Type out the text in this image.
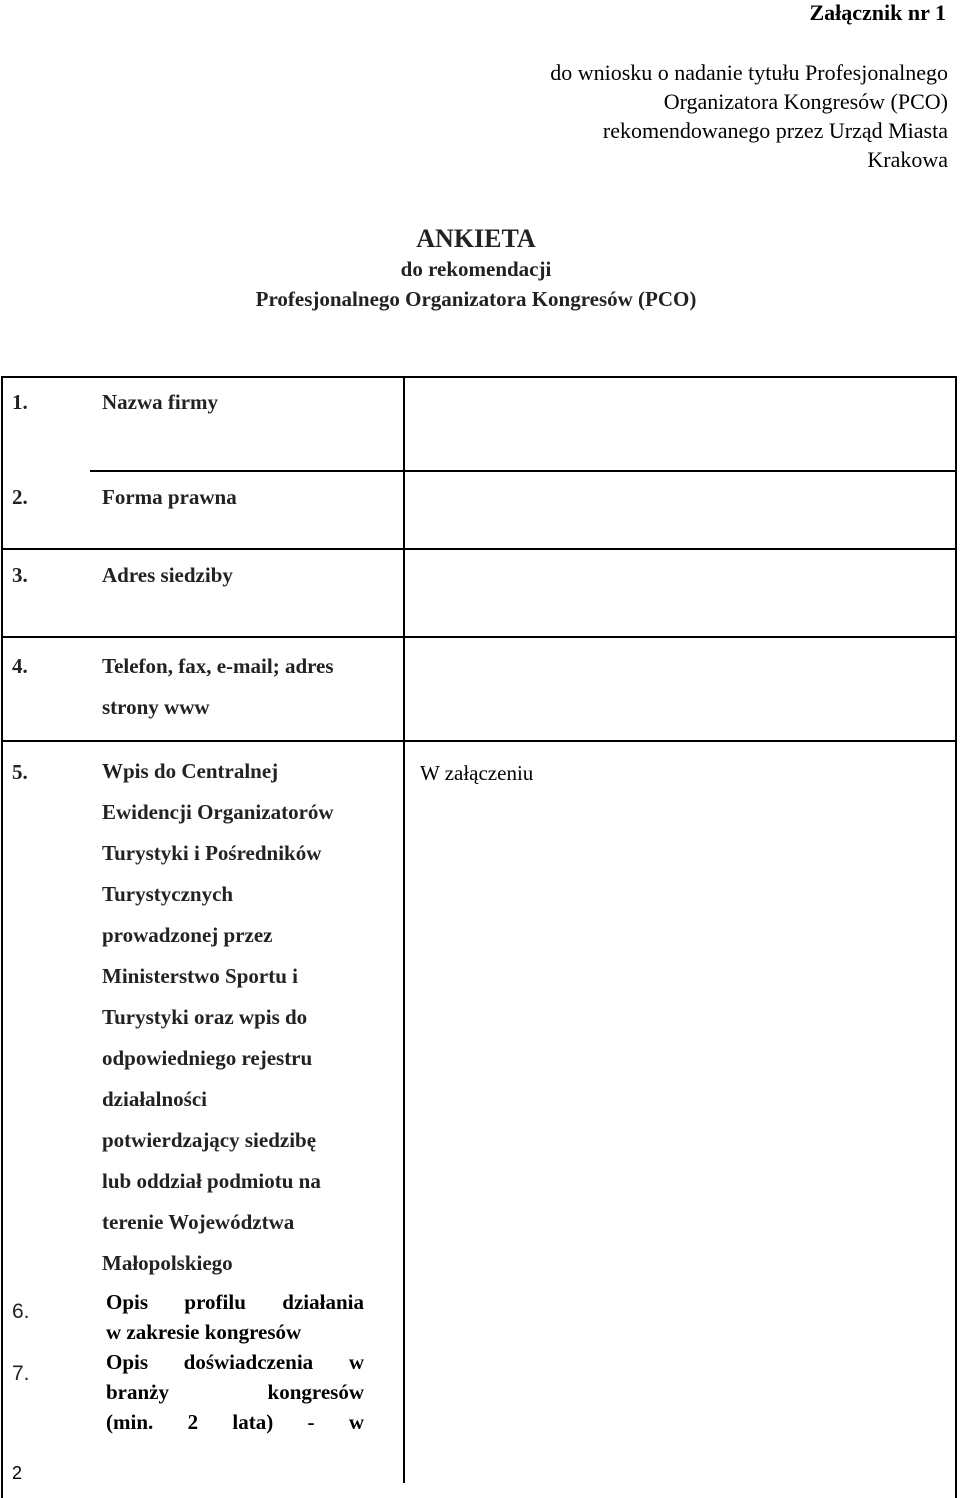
Załącznik nr 1
do wniosku o nadanie tytułu Profesjonalnego
Organizatora Kongresów (PCO)
rekomendowanego przez Urząd Miasta
Krakowa
ANKIETA
do rekomendacji
Profesjonalnego Organizatora Kongresów (PCO)
1.	Nazwa firmy
2.	Forma prawna
3.	Adres siedziby
4.	Telefon, fax, e-mail; adres
strony www
5.	Wpis do Centralnej
Ewidencji Organizatorów
Turystyki i Pośredników
Turystycznych
prowadzonej przez
Ministerstwo Sportu i
Turystyki oraz wpis do
odpowiedniego rejestru
działalności
potwierdzający siedzibę
lub oddział podmiotu na
terenie Województwa
Małopolskiego
W załączeniu
6.	Opis profilu działania
w zakresie kongresów
7.	Opis doświadczenia w
branży kongresów
(min. 2 lata) - w
2
